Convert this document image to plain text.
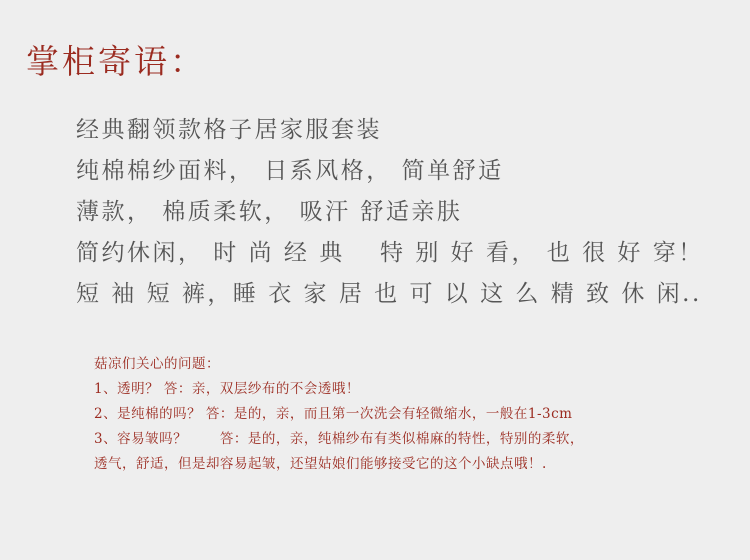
掌柜寄语：
经典翻领款格子居家服套装
纯棉棉纱面料， 日系风格， 简单舒适
薄款， 棉质柔软， 吸汗 舒适亲肤
简约休闲， 时 尚 经 典　 特 别 好 看， 也 很 好 穿！
短 袖 短 裤，睡 衣 家 居 也 可 以 这 么 精 致 休 闲..
菇凉们关心的问题：
1、透明？ 答：亲，双层纱布的不会透哦！
2、是纯棉的吗？ 答：是的，亲，而且第一次洗会有轻微缩水，一般在1-3cm
3、容易皱吗？　　 答：是的，亲，纯棉纱布有类似棉麻的特性，特别的柔软，
透气，舒适，但是却容易起皱，还望姑娘们能够接受它的这个小缺点哦！.
